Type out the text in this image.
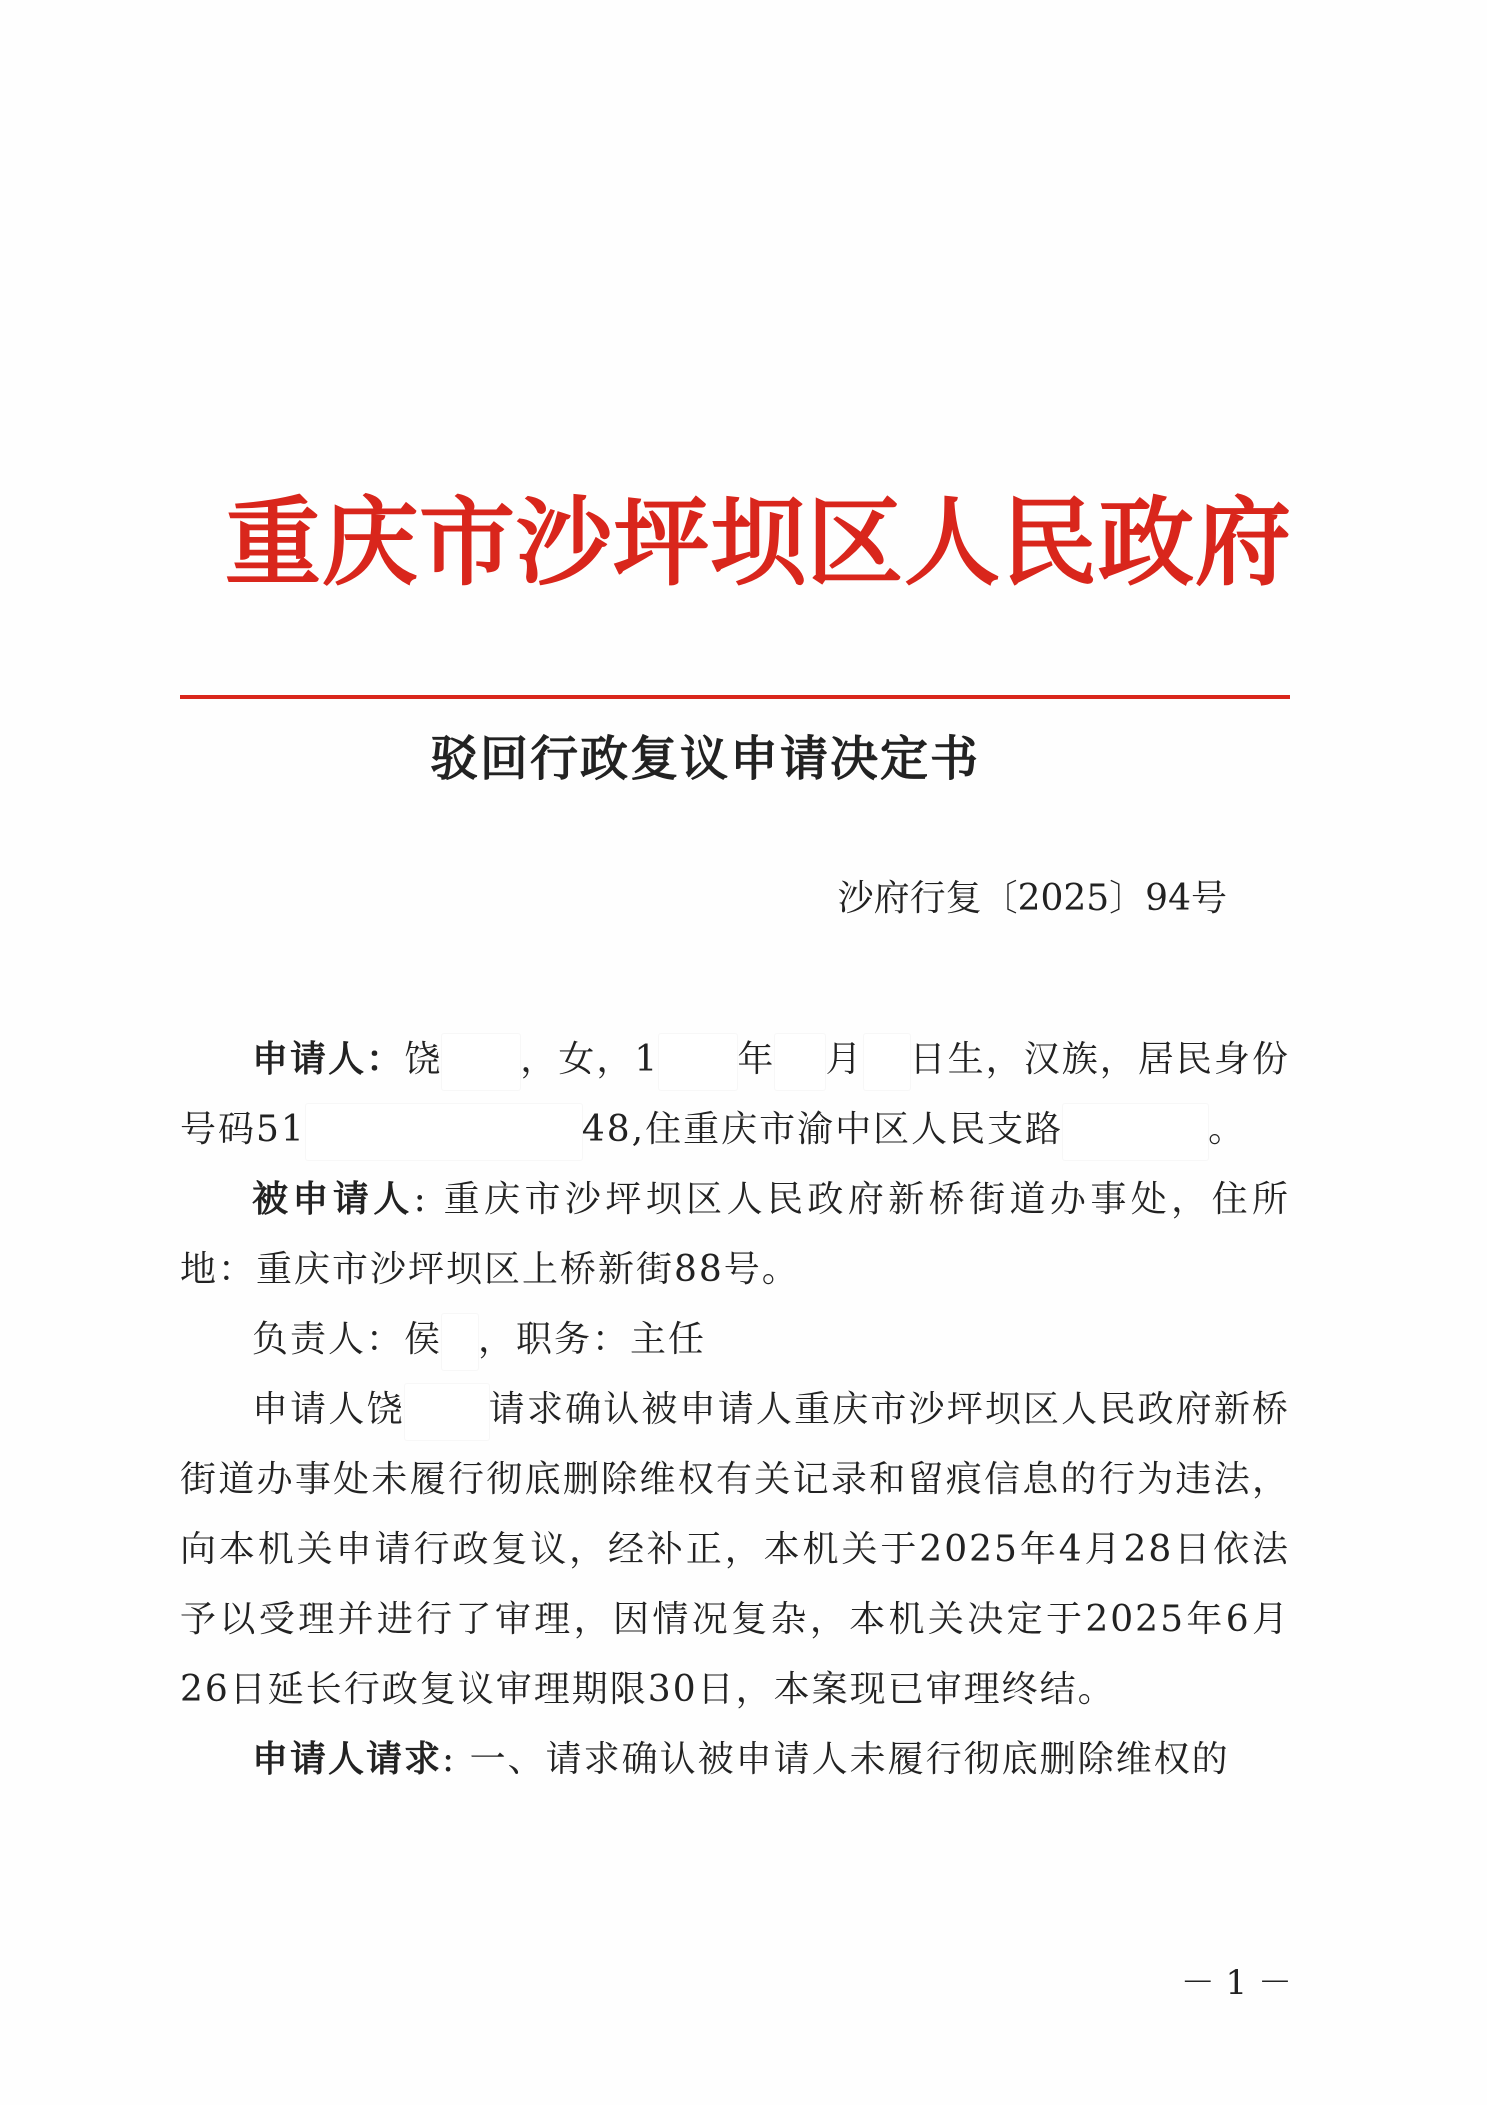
重庆市沙坪坝区人民政府
驳回行政复议申请决定书
沙府行复〔2025〕94号

申请人：饶 ，女，1 年 月 日生，汉族，居民身份号码51	48,住重庆市渝中区人民支路	。

被申请人: 重庆市沙坪坝区人民政府新桥街道办事处，住所地：重庆市沙坪坝区上桥新街88号。

负责人：侯 ，职务：主任

申请人饶 请求确认被申请人重庆市沙坪坝区人民政府新桥街道办事处未履行彻底删除维权有关记录和留痕信息的行为违法，向本机关申请行政复议，经补正，本机关于2025年4月28日依法予以受理并进行了审理，因情况复杂，本机关决定于2025年6月26日延长行政复议审理期限30日，本案现已审理终结。

申请人请求: 一、请求确认被申请人未履行彻底删除维权的

－ 1 －
